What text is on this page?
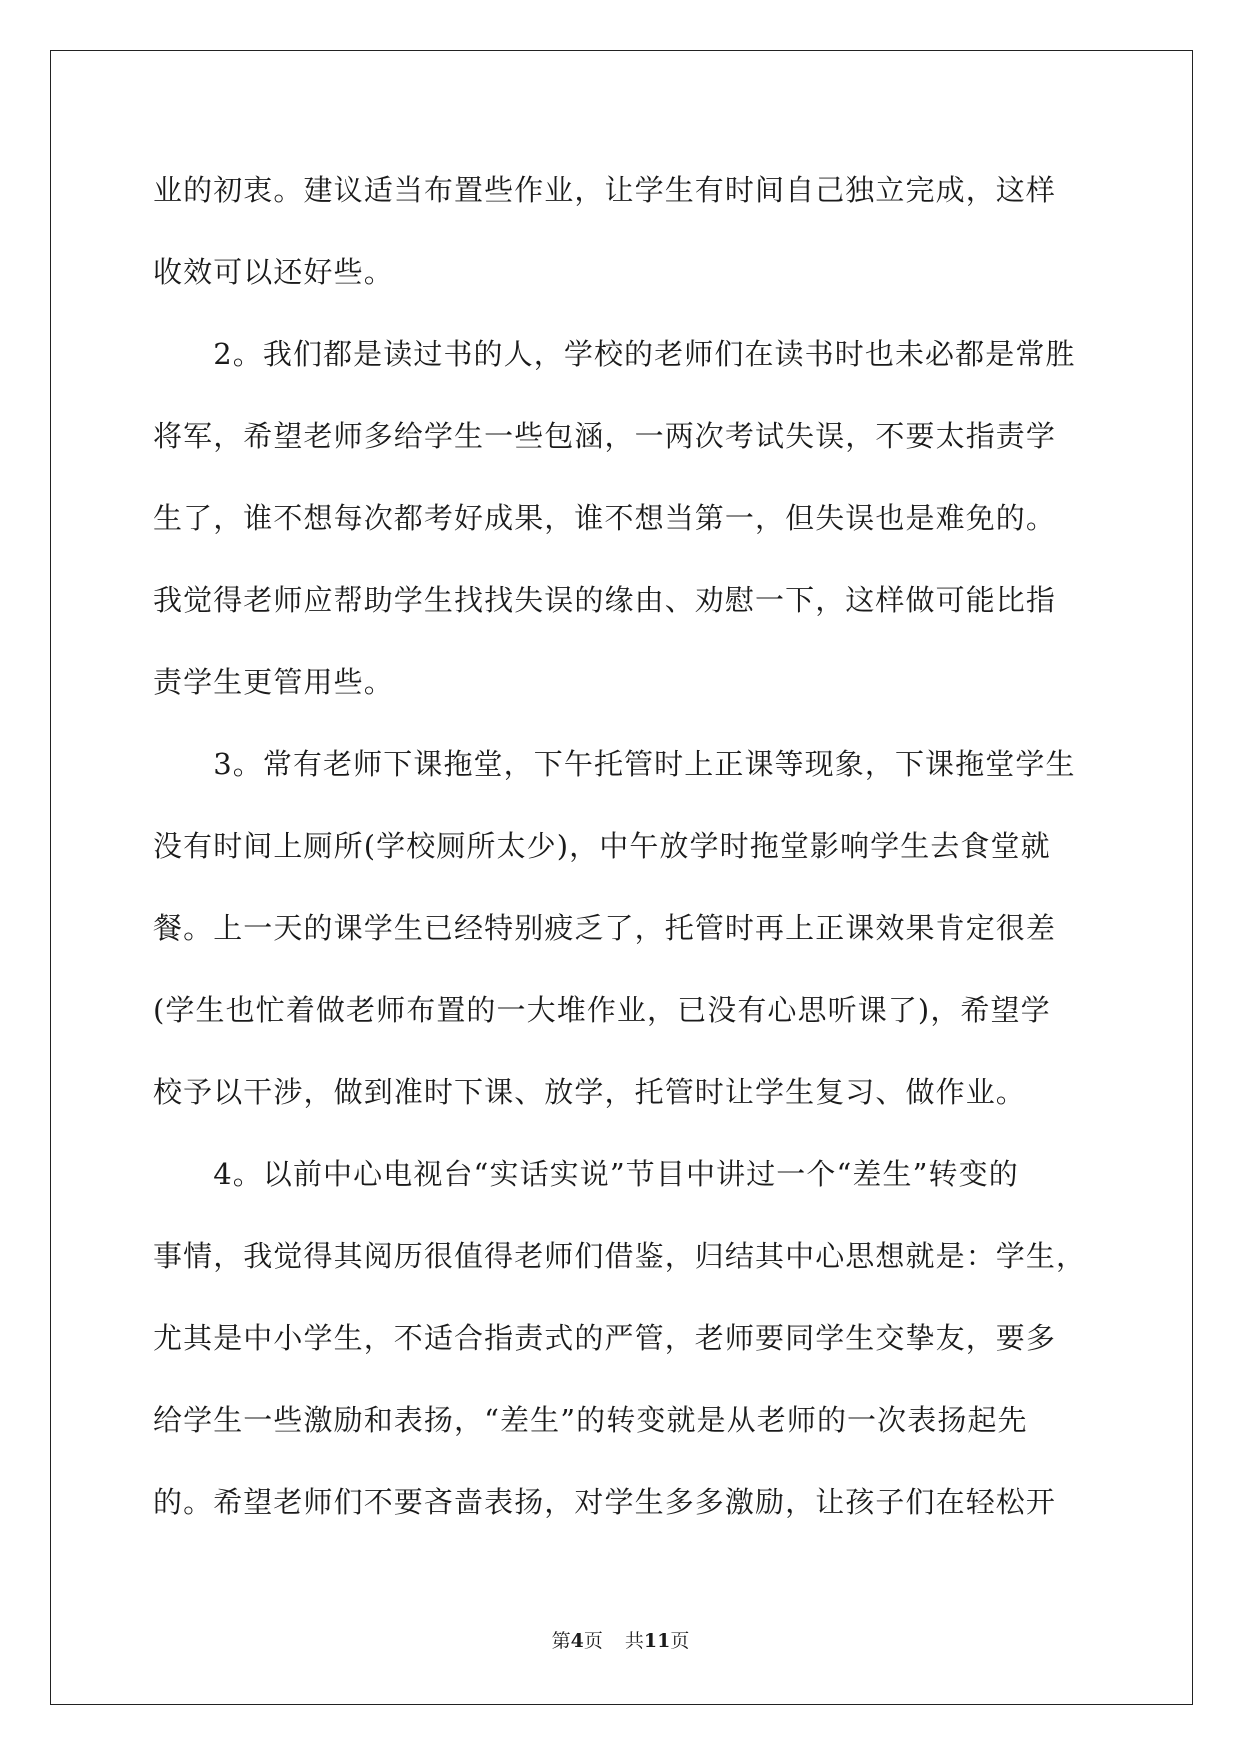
业的初衷。建议适当布置些作业，让学生有时间自己独立完成，这样
收效可以还好些。
　　2。我们都是读过书的人，学校的老师们在读书时也未必都是常胜
将军，希望老师多给学生一些包涵，一两次考试失误，不要太指责学
生了，谁不想每次都考好成果，谁不想当第一，但失误也是难免的。
我觉得老师应帮助学生找找失误的缘由、劝慰一下，这样做可能比指
责学生更管用些。
　　3。常有老师下课拖堂，下午托管时上正课等现象，下课拖堂学生
没有时间上厕所(学校厕所太少)，中午放学时拖堂影响学生去食堂就
餐。上一天的课学生已经特别疲乏了，托管时再上正课效果肯定很差
(学生也忙着做老师布置的一大堆作业，已没有心思听课了)，希望学
校予以干涉，做到准时下课、放学，托管时让学生复习、做作业。
　　4。以前中心电视台“实话实说”节目中讲过一个“差生”转变的
事情，我觉得其阅历很值得老师们借鉴，归结其中心思想就是：学生，
尤其是中小学生，不适合指责式的严管，老师要同学生交挚友，要多
给学生一些激励和表扬，“差生”的转变就是从老师的一次表扬起先
的。希望老师们不要吝啬表扬，对学生多多激励，让孩子们在轻松开
第4页 共11页
